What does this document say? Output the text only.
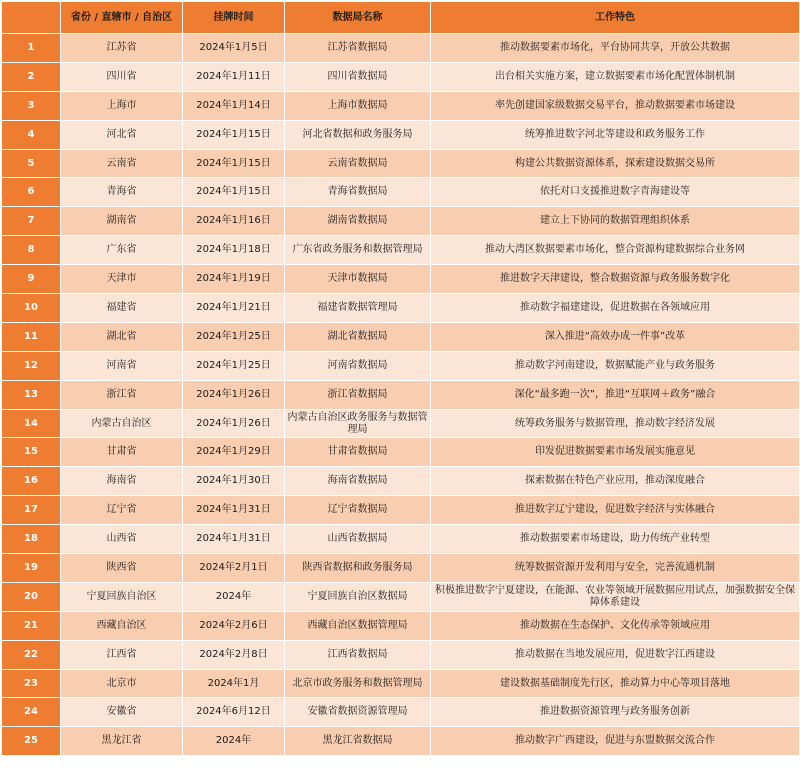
	省份 / 直辖市 / 自治区	挂牌时间	数据局名称	工作特色
1	江苏省	2024年1月5日	江苏省数据局	推动数据要素市场化，平台协同共享，开放公共数据
2	四川省	2024年1月11日	四川省数据局	出台相关实施方案，建立数据要素市场化配置体制机制
3	上海市	2024年1月14日	上海市数据局	率先创建国家级数据交易平台，推动数据要素市场建设
4	河北省	2024年1月15日	河北省数据和政务服务局	统筹推进数字河北等建设和政务服务工作
5	云南省	2024年1月15日	云南省数据局	构建公共数据资源体系，探索建设数据交易所
6	青海省	2024年1月15日	青海省数据局	依托对口支援推进数字青海建设等
7	湖南省	2024年1月16日	湖南省数据局	建立上下协同的数据管理组织体系
8	广东省	2024年1月18日	广东省政务服务和数据管理局	推动大湾区数据要素市场化，整合资源构建数据综合业务网
9	天津市	2024年1月19日	天津市数据局	推进数字天津建设，整合数据资源与政务服务数字化
10	福建省	2024年1月21日	福建省数据管理局	推动数字福建建设，促进数据在各领域应用
11	湖北省	2024年1月25日	湖北省数据局	深入推进“高效办成一件事”改革
12	河南省	2024年1月25日	河南省数据局	推动数字河南建设，数据赋能产业与政务服务
13	浙江省	2024年1月26日	浙江省数据局	深化“最多跑一次”，推进“互联网＋政务”融合
14	内蒙古自治区	2024年1月26日	内蒙古自治区政务服务与数据管理局	统筹政务服务与数据管理，推动数字经济发展
15	甘肃省	2024年1月29日	甘肃省数据局	印发促进数据要素市场发展实施意见
16	海南省	2024年1月30日	海南省数据局	探索数据在特色产业应用，推动深度融合
17	辽宁省	2024年1月31日	辽宁省数据局	推进数字辽宁建设，促进数字经济与实体融合
18	山西省	2024年1月31日	山西省数据局	推动数据要素市场建设，助力传统产业转型
19	陕西省	2024年2月1日	陕西省数据和政务服务局	统筹数据资源开发利用与安全，完善流通机制
20	宁夏回族自治区	2024年	宁夏回族自治区数据局	积极推进数字宁夏建设，在能源、农业等领域开展数据应用试点，加强数据安全保障体系建设
21	西藏自治区	2024年2月6日	西藏自治区数据管理局	推动数据在生态保护、文化传承等领域应用
22	江西省	2024年2月8日	江西省数据局	推动数据在当地发展应用，促进数字江西建设
23	北京市	2024年1月	北京市政务服务和数据管理局	建设数据基础制度先行区，推动算力中心等项目落地
24	安徽省	2024年6月12日	安徽省数据资源管理局	推进数据资源管理与政务服务创新
25	黑龙江省	2024年	黑龙江省数据局	推动数字广西建设，促进与东盟数据交流合作
